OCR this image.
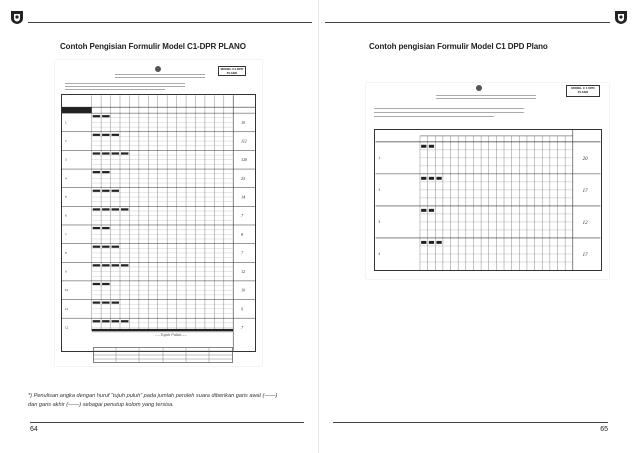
Contoh Pengisian Formulir Model C1-DPR PLANO
MODEL C1-DPR PLANO
1	10
2	112
3	120
4	25
5	14
6	7
7	8
8	7
9	12
10	10
11	9
12	7
----Tujuh Puluh----
*) Penulisan angka dengan huruf “tujuh puluh” pada jumlah peroleh suara diberikan garis awal (——) dan garis akhir (——) sebagai penutup kolom yang tersisa.
64
Contoh pengisian Formulir Model C1 DPD Plano
MODEL C 1 DPD PLANO
1	20
2	17
3	12
4	17
65
